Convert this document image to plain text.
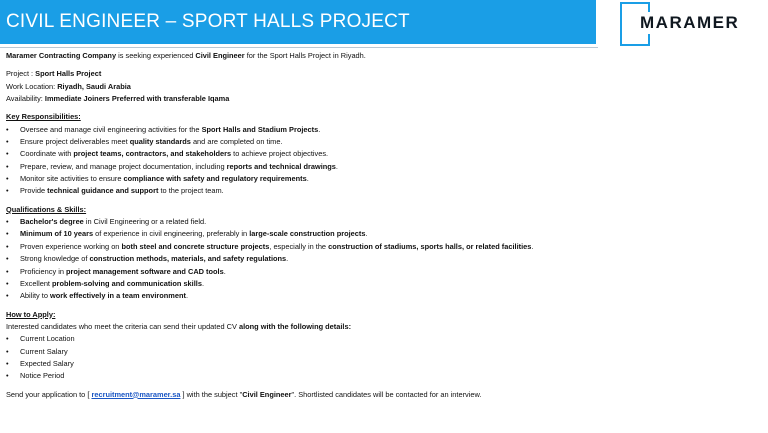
CIVIL ENGINEER – SPORT HALLS PROJECT	MARAMER
Maramer Contracting Company is seeking experienced Civil Engineer for the Sport Halls Project in Riyadh.
Project : Sport Halls Project
Work Location: Riyadh, Saudi Arabia
Availability: Immediate Joiners Preferred with transferable Iqama
Key Responsibilities:
• Oversee and manage civil engineering activities for the Sport Halls and Stadium Projects.
• Ensure project deliverables meet quality standards and are completed on time.
• Coordinate with project teams, contractors, and stakeholders to achieve project objectives.
• Prepare, review, and manage project documentation, including reports and technical drawings.
• Monitor site activities to ensure compliance with safety and regulatory requirements.
• Provide technical guidance and support to the project team.
Qualifications & Skills:
• Bachelor's degree in Civil Engineering or a related field.
• Minimum of 10 years of experience in civil engineering, preferably in large-scale construction projects.
• Proven experience working on both steel and concrete structure projects, especially in the construction of stadiums, sports halls, or related facilities.
• Strong knowledge of construction methods, materials, and safety regulations.
• Proficiency in project management software and CAD tools.
• Excellent problem-solving and communication skills.
• Ability to work effectively in a team environment.
How to Apply:
Interested candidates who meet the criteria can send their updated CV along with the following details:
• Current Location
• Current Salary
• Expected Salary
• Notice Period
Send your application to [ recruitment@maramer.sa ] with the subject "Civil Engineer". Shortlisted candidates will be contacted for an interview.
